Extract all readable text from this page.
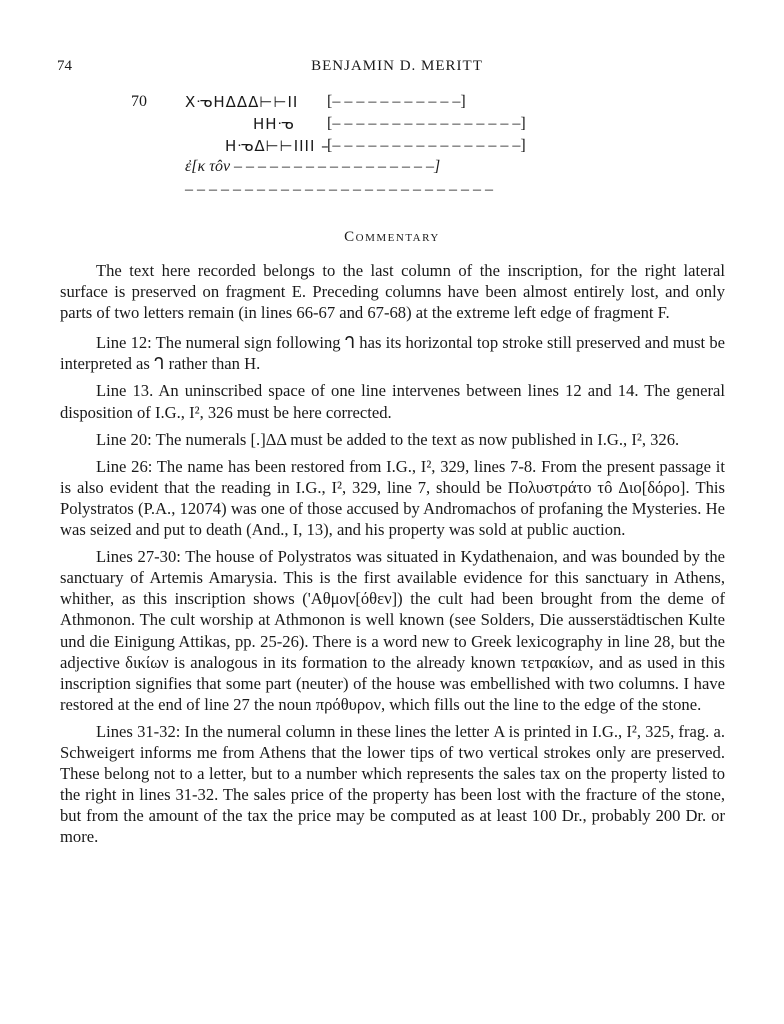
74	BENJAMIN D. MERITT
70	ΧᓉΗΔΔΔ⊢⊢ΙΙ [– – – – – – – – – – –]
ΗΗᓉ [– – – – – – – – – – – – – – – –]
ΗᓉΔ⊢⊢ΙΙΙΙ –
[– – – – – – – – – – – – – – – –]
ἐ[κ τôν – – – – – – – – – – – – – – – – –]
– – – – – – – – – – – – – – – – – – – – – – – – – –
Commentary

The text here recorded belongs to the last column of the inscription, for the right lateral surface is preserved on fragment E. Preceding columns have been almost entirely lost, and only parts of two letters remain (in lines 66-67 and 67-68) at the extreme left edge of fragment F.

Line 12: The numeral sign following ᒉ has its horizontal top stroke still preserved and must be interpreted as ᒉ rather than Η.

Line 13. An uninscribed space of one line intervenes between lines 12 and 14. The general disposition of I.G., I², 326 must be here corrected.

Line 20: The numerals [.]ΔΔ must be added to the text as now published in I.G., I², 326.

Line 26: The name has been restored from I.G., I², 329, lines 7-8. From the present passage it is also evident that the reading in I.G., I², 329, line 7, should be Πολυστράτο τô Διο[δόρο]. This Polystratos (P.A., 12074) was one of those accused by Andromachos of profaning the Mysteries. He was seized and put to death (And., I, 13), and his property was sold at public auction.

Lines 27-30: The house of Polystratos was situated in Kydathenaion, and was bounded by the sanctuary of Artemis Amarysia. This is the first available evidence for this sanctuary in Athens, whither, as this inscription shows ('Αθμον[όθεν]) the cult had been brought from the deme of Athmonon. The cult worship at Athmonon is well known (see Solders, Die ausserstädtischen Kulte und die Einigung Attikas, pp. 25-26). There is a word new to Greek lexicography in line 28, but the adjective δικίων is analogous in its formation to the already known τετρακίων, and as used in this inscription signifies that some part (neuter) of the house was embellished with two columns. I have restored at the end of line 27 the noun πρόθυρον, which fills out the line to the edge of the stone.

Lines 31-32: In the numeral column in these lines the letter Α is printed in I.G., I², 325, frag. a. Schweigert informs me from Athens that the lower tips of two vertical strokes only are preserved. These belong not to a letter, but to a number which represents the sales tax on the property listed to the right in lines 31-32. The sales price of the property has been lost with the fracture of the stone, but from the amount of the tax the price may be computed as at least 100 Dr., probably 200 Dr. or more.
